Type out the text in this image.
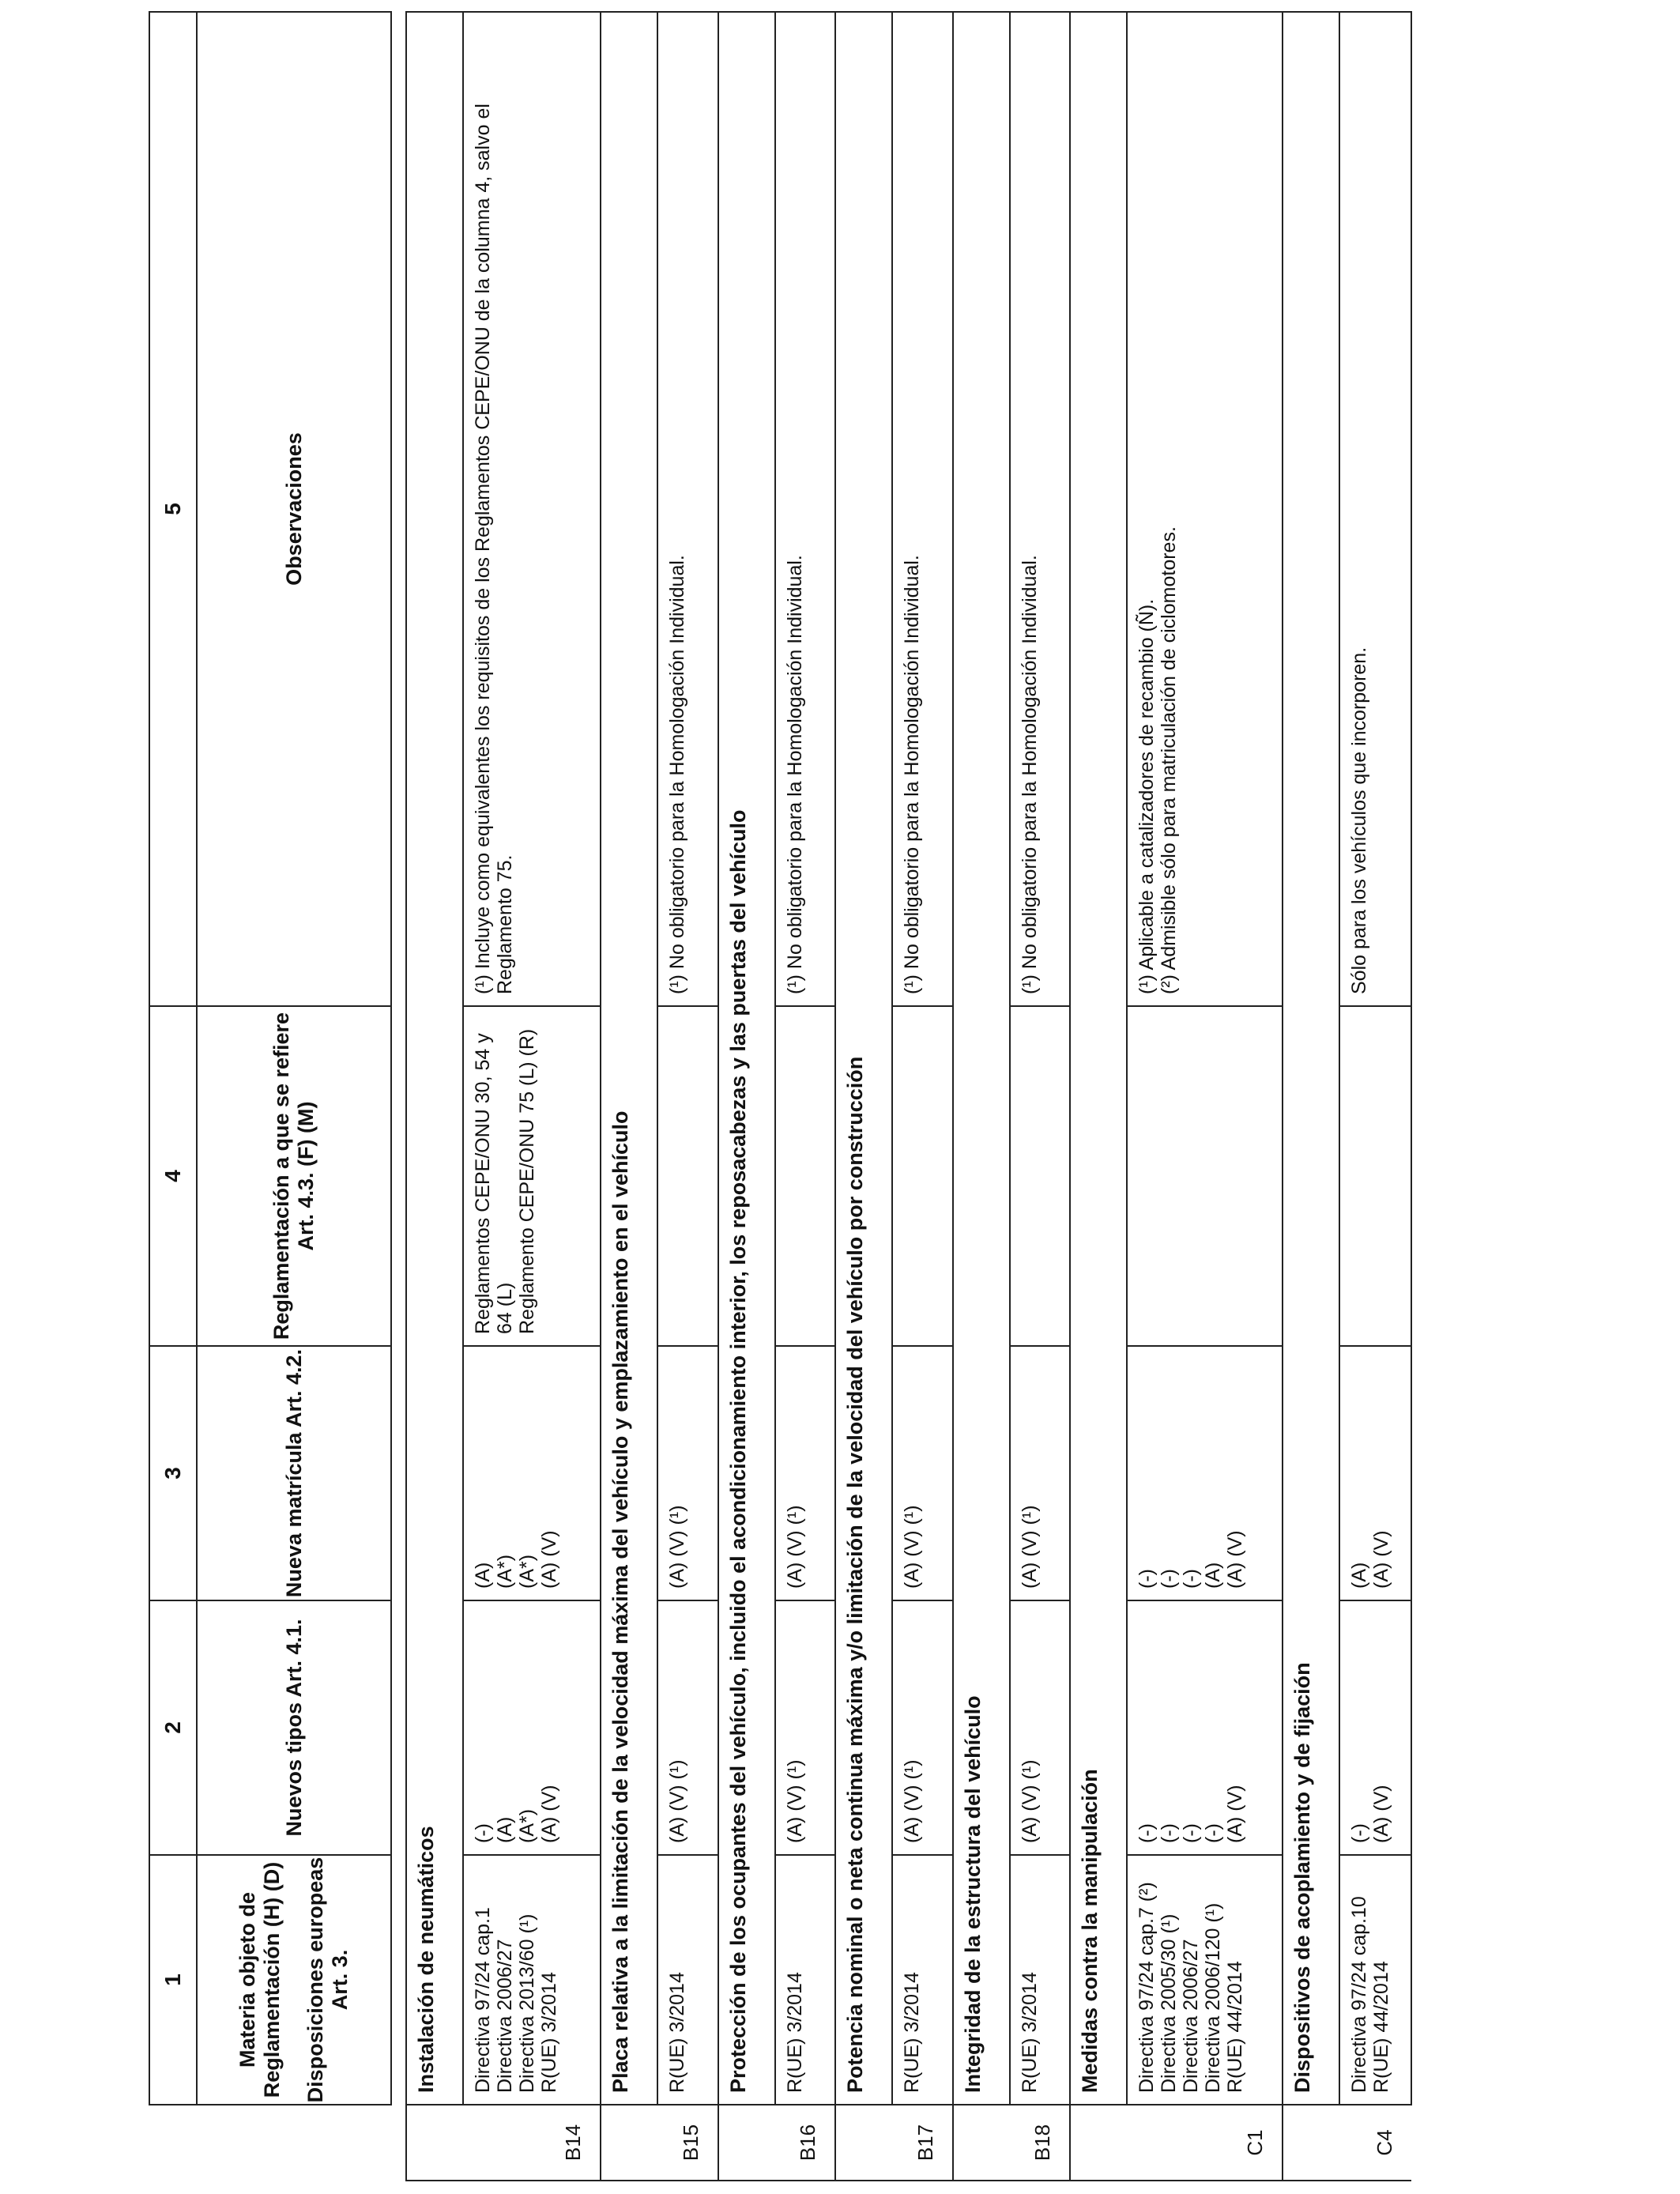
	1	2	3	4	5

	Materia objeto de Reglamentación (H) (D) Disposiciones europeas Art. 3.	Nuevos tipos Art. 4.1.	Nueva matrícula Art. 4.2.	Reglamentación a que se refiere Art. 4.3. (F) (M)	Observaciones

B14	Instalación de neumáticos				

	Directiva 97/24 cap.1 Directiva 2006/27 Directiva 2013/60 (¹) R(UE) 3/2014	(-) (A) (A*) (A) (V)	(A) (A*) (A*) (A) (V)	Reglamentos CEPE/ONU 30, 54 y 64 (L) Reglamento CEPE/ONU 75 (L) (R)	(¹) Incluye como equivalentes los requisitos de los Reglamentos CEPE/ONU de la columna 4, salvo el Reglamento 75.

B15	Placa relativa a la limitación de la velocidad máxima del vehículo y emplazamiento en el vehículo				

	R(UE) 3/2014	(A) (V) (¹)	(A) (V) (¹)		(¹) No obligatorio para la Homologación Individual.

B16	Protección de los ocupantes del vehículo, incluido el acondicionamiento interior, los reposacabezas y las puertas del vehículo				

	R(UE) 3/2014	(A) (V) (¹)	(A) (V) (¹)		(¹) No obligatorio para la Homologación Individual.

B17	Potencia nominal o neta continua máxima y/o limitación de la velocidad del vehículo por construcción				

	R(UE) 3/2014	(A) (V) (¹)	(A) (V) (¹)		(¹) No obligatorio para la Homologación Individual.

B18	Integridad de la estructura del vehículo				

	R(UE) 3/2014	(A) (V) (¹)	(A) (V) (¹)		(¹) No obligatorio para la Homologación Individual.

C1	Medidas contra la manipulación				

	Directiva 97/24 cap.7 (²) Directiva 2005/30 (¹) Directiva 2006/27 Directiva 2006/120 (¹) R(UE) 44/2014	(-) (-) (-) (-) (A) (V)	(-) (-) (-) (A) (A) (V)		(¹) Aplicable a catalizadores de recambio (Ñ). (²) Admisible sólo para matriculación de ciclomotores.

C4	Dispositivos de acoplamiento y de fijación				

	Directiva 97/24 cap.10 R(UE) 44/2014	(-) (A) (V)	(A) (A) (V)		Sólo para los vehículos que incorporen.
